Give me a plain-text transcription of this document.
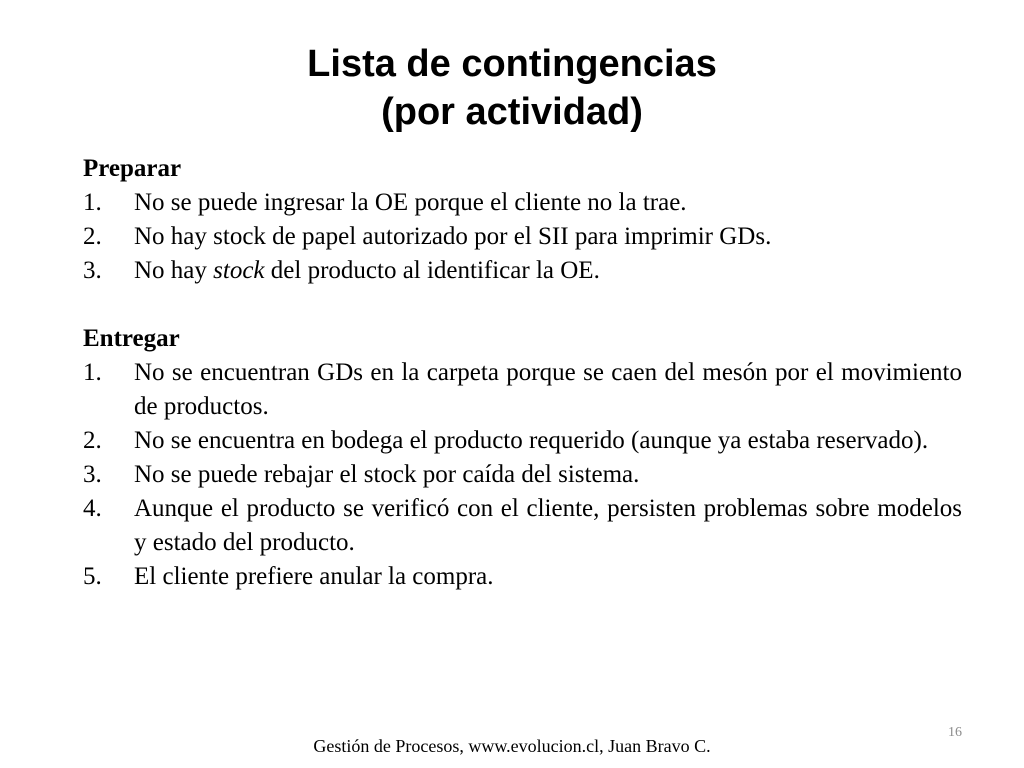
Lista de contingencias
(por actividad)
Preparar
1. No se puede ingresar la OE porque el cliente no la trae.
2. No hay stock de papel autorizado por el SII para imprimir GDs.
3. No hay stock del producto al identificar la OE.
Entregar
1. No se encuentran GDs en la carpeta porque se caen del mesón por el movimiento de productos.
2. No se encuentra en bodega el producto requerido (aunque ya estaba reservado).
3. No se puede rebajar el stock por caída del sistema.
4. Aunque el producto se verificó con el cliente, persisten problemas sobre modelos y estado del producto.
5. El cliente prefiere anular la compra.
16
Gestión de Procesos, www.evolucion.cl, Juan Bravo C.
